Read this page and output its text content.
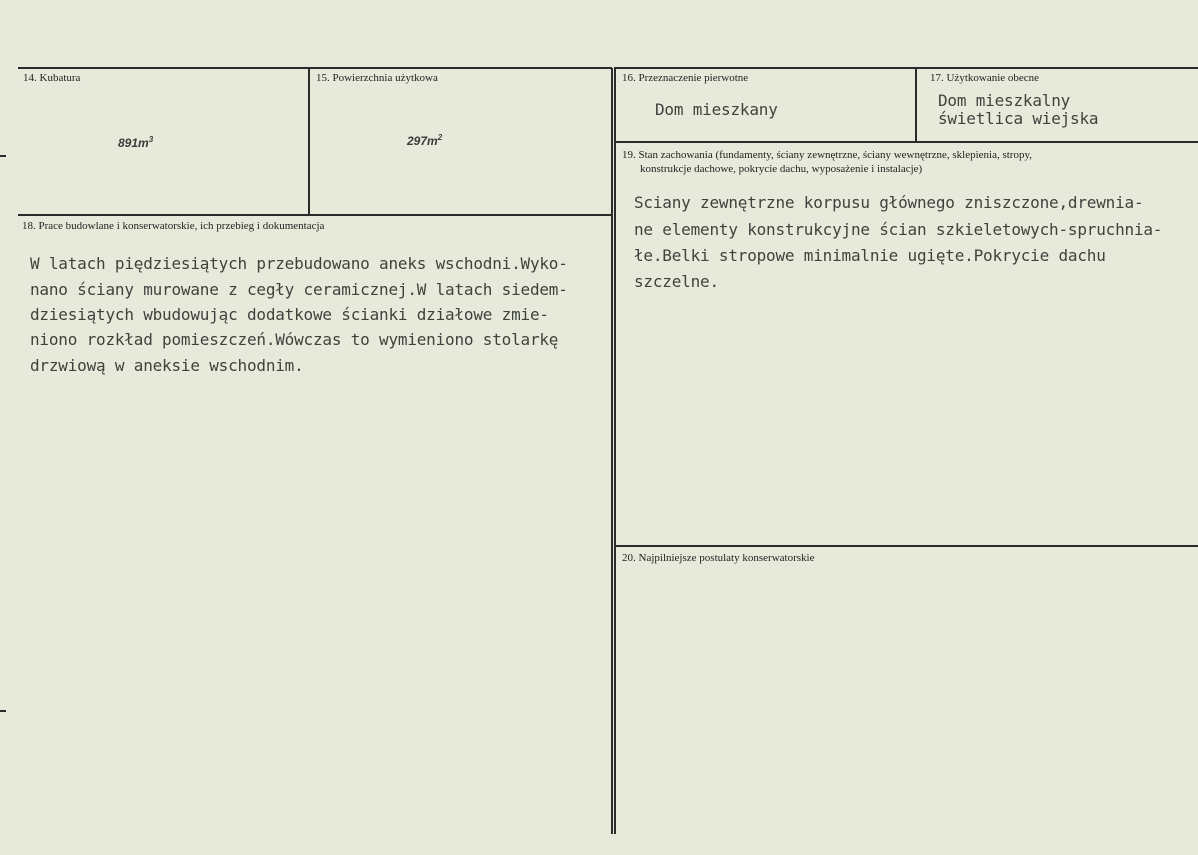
14. Kubatura
$891m^3$
15. Powierzchnia użytkowa
$297m^2$
16. Przeznaczenie pierwotne
Dom mieszkany
17. Użytkowanie obecne
Dom mieszkalny
świetlica wiejska
18. Prace budowlane i konserwatorskie, ich przebieg i dokumentacja
W latach piędziesiątych przebudowano aneks wschodni.Wyko-
nano ściany murowane z cegły ceramicznej.W latach siedem-
dziesiątych wbudowując dodatkowe ścianki działowe zmie-
niono rozkład pomieszczeń.Wówczas to wymieniono stolarkę
drzwiową w aneksie wschodnim.
19. Stan zachowania (fundamenty, ściany zewnętrzne, ściany wewnętrzne, sklepienia, stropy,
konstrukcje dachowe, pokrycie dachu, wyposażenie i instalacje)
Sciany zewnętrzne korpusu głównego zniszczone,drewnia-
ne elementy konstrukcyjne ścian szkieletowych-spruchnia-
łe.Belki stropowe minimalnie ugięte.Pokrycie dachu
szczelne.
20. Najpilniejsze postulaty konserwatorskie
